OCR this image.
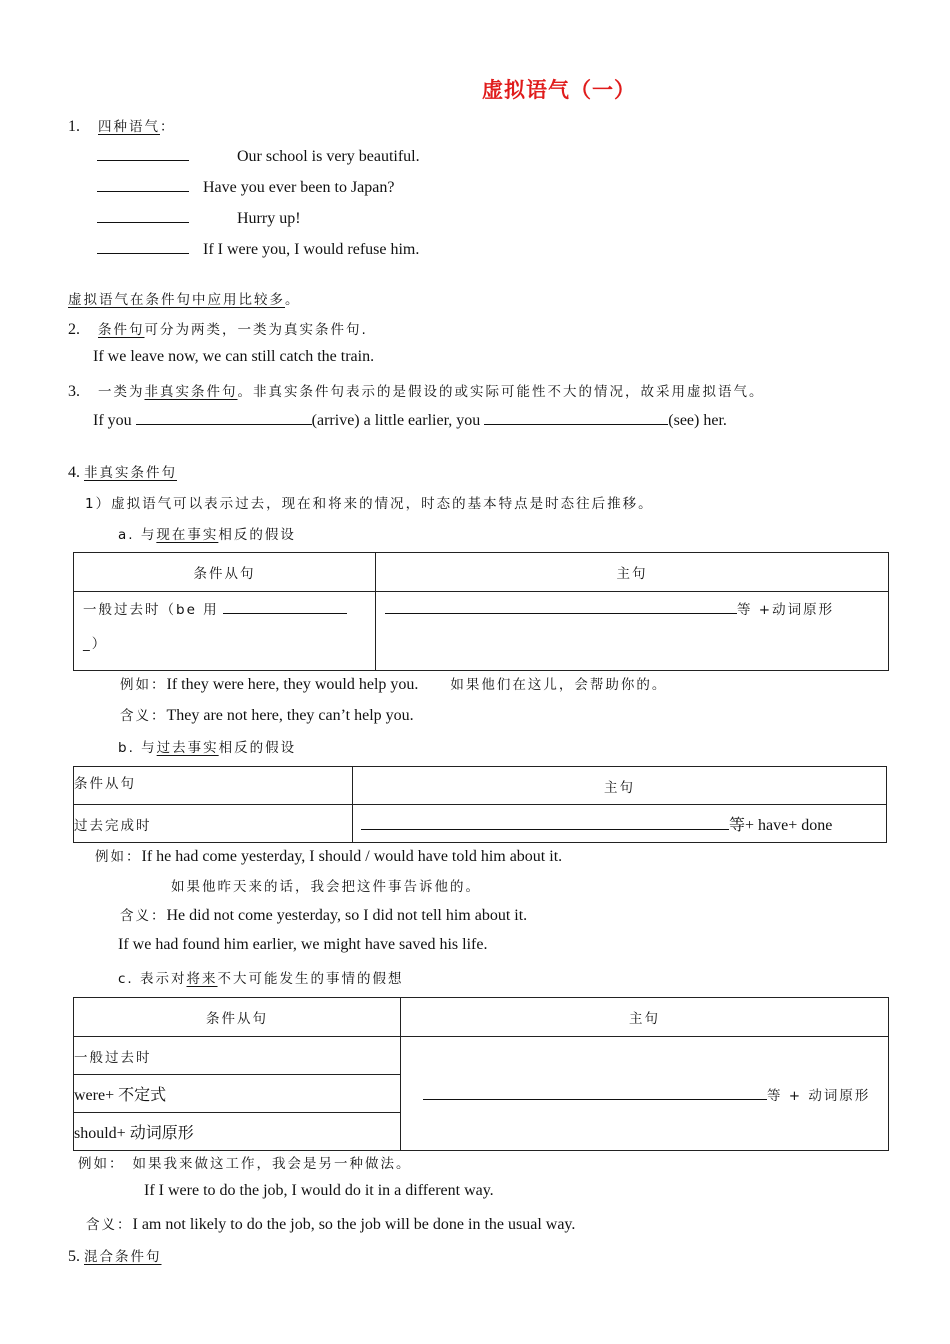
虚拟语气（一）
1. 四种语气：
Our school is very beautiful.
Have you ever been to Japan?
Hurry up!
If I were you, I would refuse him.
虚拟语气在条件句中应用比较多。
2. 条件句可分为两类，一类为真实条件句.
If we leave now, we can still catch the train.
3. 一类为非真实条件句。非真实条件句表示的是假设的或实际可能性不大的情况，故采用虚拟语气。
If you	(arrive) a little earlier, you	(see) her.
4. 非真实条件句
1）虚拟语气可以表示过去，现在和将来的情况，时态的基本特点是时态往后推移。
a. 与现在事实相反的假设
条件从句	主句

一般过去时（be 用
_）	等 +动词原形
例如：If they were here, they would help you. 如果他们在这儿，会帮助你的。
含义：They are not here, they can’t help you.
b. 与过去事实相反的假设
条件从句	主句
过去完成时	等+ have+ done
例如：If he had come yesterday, I should / would have told him about it.
如果他昨天来的话，我会把这件事告诉他的。
含义：He did not come yesterday, so I did not tell him about it.
If we had found him earlier, we might have saved his life.
c. 表示对将来不大可能发生的事情的假想
条件从句	主句
一般过去时	等 + 动词原形

were+ 不定式	
should+ 动词原形	
例如： 如果我来做这工作，我会是另一种做法。
If I were to do the job, I would do it in a different way.
含义：I am not likely to do the job, so the job will be done in the usual way.
5. 混合条件句
